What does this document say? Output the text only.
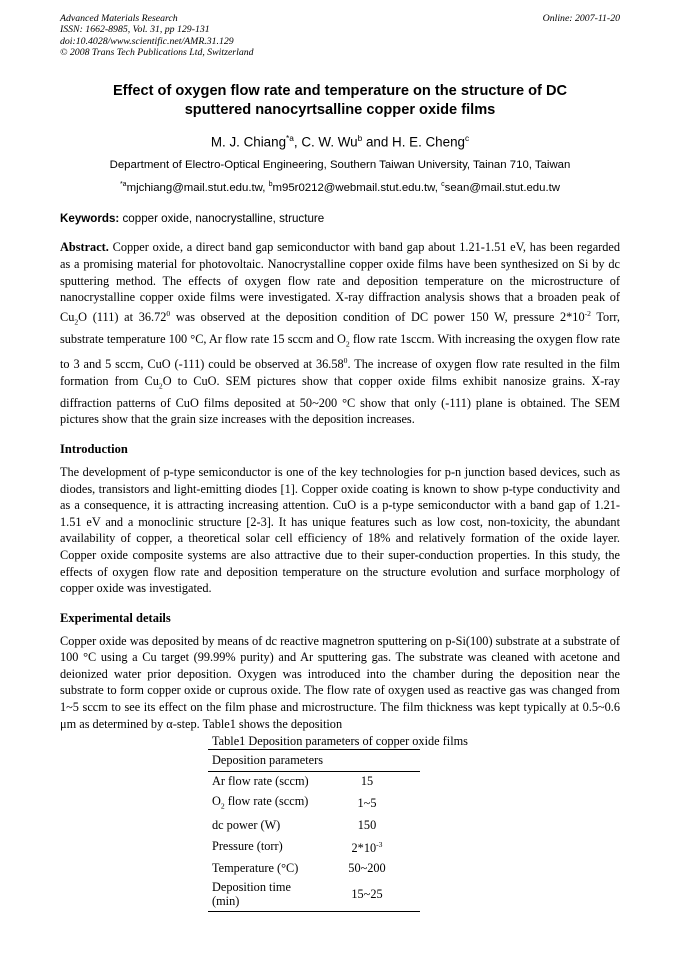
Advanced Materials Research
ISSN: 1662-8985, Vol. 31, pp 129-131
doi:10.4028/www.scientific.net/AMR.31.129
© 2008 Trans Tech Publications Ltd, Switzerland
Online: 2007-11-20
Effect of oxygen flow rate and temperature on the structure of DC
sputtered nanocyrtsalline copper oxide films
M. J. Chiang$^{*a}$, C. W. Wu$^b$ and H. E. Cheng$^c$
Department of Electro-Optical Engineering, Southern Taiwan University, Tainan 710, Taiwan
$^{*a}$mjchiang@mail.stut.edu.tw, $^b$m95r0212@webmail.stut.edu.tw, $^c$sean@mail.stut.edu.tw
Keywords: copper oxide, nanocrystalline, structure
Abstract. Copper oxide, a direct band gap semiconductor with band gap about 1.21-1.51 eV, has been regarded as a promising material for photovoltaic. Nanocrystalline copper oxide films have been synthesized on Si by dc sputtering method. The effects of oxygen flow rate and deposition temperature on the microstructure of nanocrystalline copper oxide films were investigated. X-ray diffraction analysis shows that a broaden peak of $Cu_2O$ (111) at 36.72$^0$ was observed at the deposition condition of DC power 150 W, pressure $2*10^{-2}$ Torr, substrate temperature 100 °C, Ar flow rate 15 sccm and $O_2$ flow rate 1sccm. With increasing the oxygen flow rate to 3 and 5 sccm, CuO (-111) could be observed at 36.58$^0$. The increase of oxygen flow rate resulted in the film formation from $Cu_2O$ to CuO. SEM pictures show that copper oxide films exhibit nanosize grains. X-ray diffraction patterns of CuO films deposited at 50~200 °C show that only (-111) plane is obtained. The SEM pictures show that the grain size increases with the deposition increases.
Introduction
The development of p-type semiconductor is one of the key technologies for p-n junction based devices, such as diodes, transistors and light-emitting diodes [1]. Copper oxide coating is known to show p-type conductivity and as a consequence, it is attracting increasing attention. CuO is a p-type semiconductor with a band gap of 1.21-1.51 eV and a monoclinic structure [2-3]. It has unique features such as low cost, non-toxicity, the abundant availability of copper, a theoretical solar cell efficiency of 18% and relatively formation of the oxide layer. Copper oxide composite systems are also attractive due to their super-conduction properties. In this study, the effects of oxygen flow rate and deposition temperature on the structure evolution and surface morphology of copper oxide was investigated.
Experimental details
Copper oxide was deposited by means of dc reactive magnetron sputtering on p-Si(100) substrate at a substrate of 100 °C using a Cu target (99.99% purity) and Ar sputtering gas. The substrate was cleaned with acetone and deionized water prior deposition. Oxygen was introduced into the chamber during the deposition near the substrate to form copper oxide or cuprous oxide. The flow rate of oxygen used as reactive gas was changed from 1~5 sccm to see its effect on the film phase and microstructure. The film thickness was kept typically at 0.5~0.6 μm as determined by α-step. Table1 shows the deposition
Table1 Deposition parameters of copper oxide films
Deposition parameters	
Ar flow rate (sccm)	15
$O_2$ flow rate (sccm)	1~5
dc power (W)	150
Pressure (torr)	$2*10^{-3}$
Temperature (°C)	50~200
Deposition time (min)	15~25
